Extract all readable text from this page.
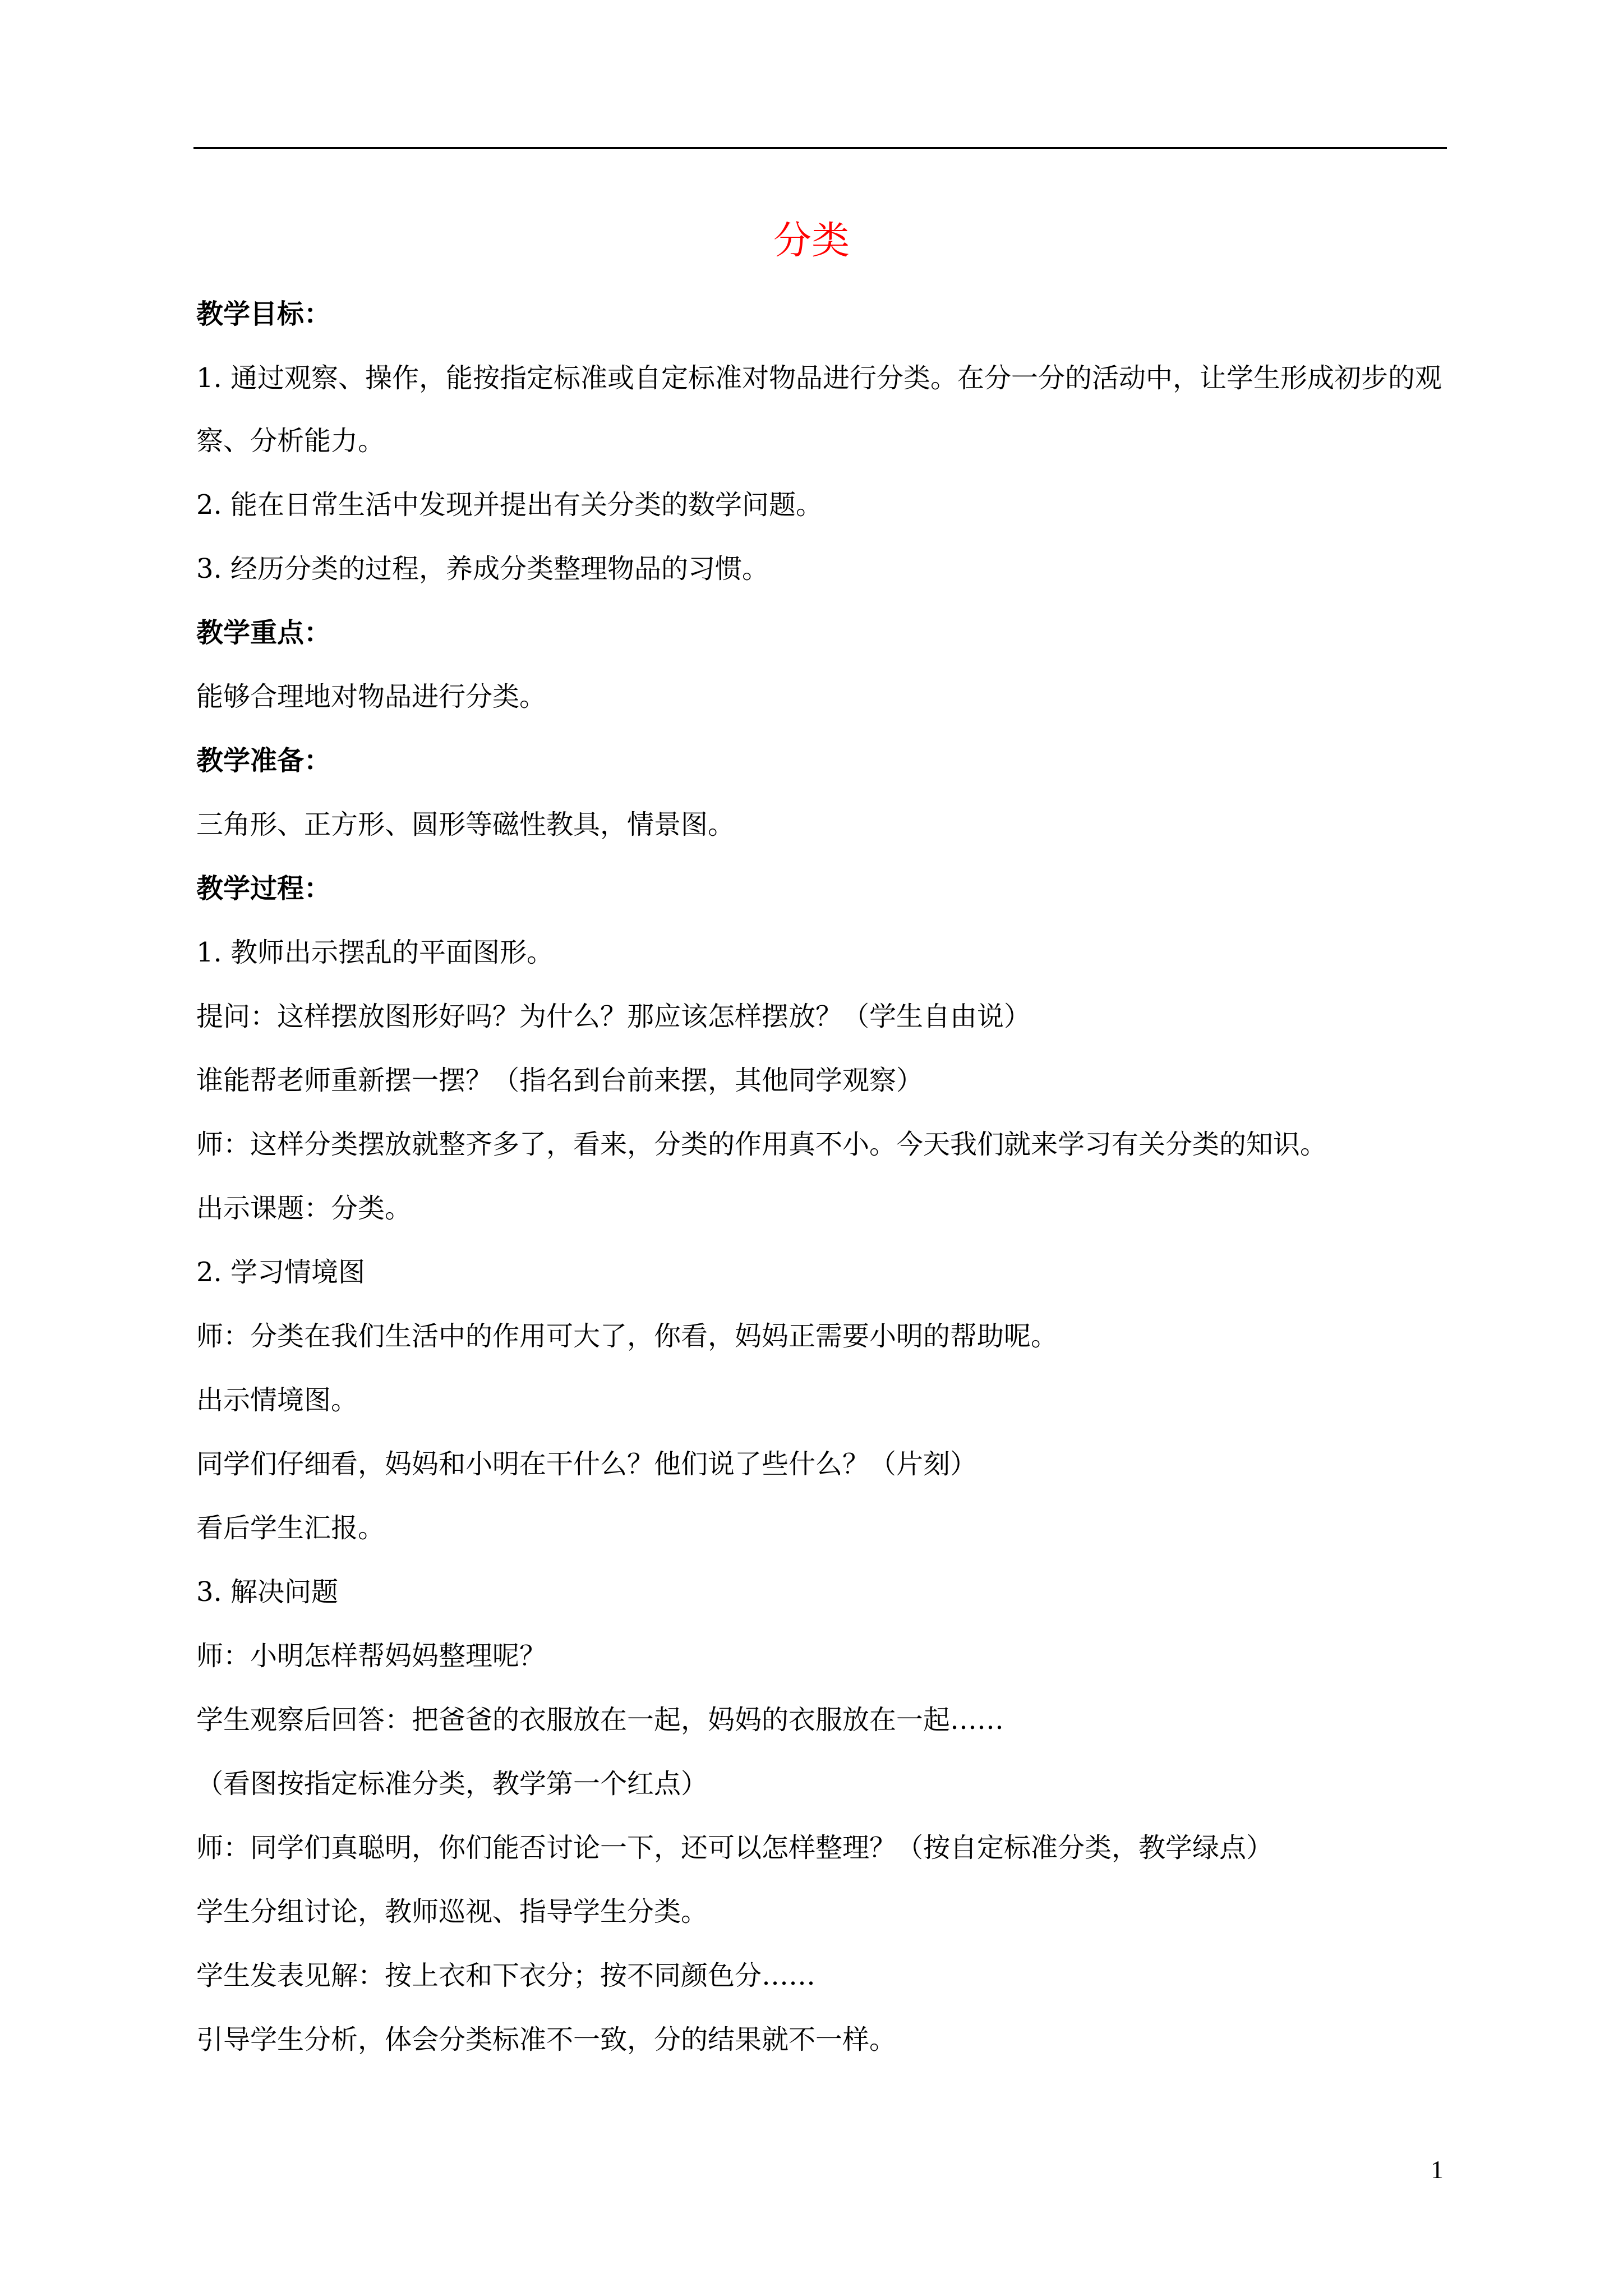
分类
教学目标：
1. 通过观察、操作，能按指定标准或自定标准对物品进行分类。在分一分的活动中，让学生形成初步的观察、分析能力。
2. 能在日常生活中发现并提出有关分类的数学问题。
3. 经历分类的过程，养成分类整理物品的习惯。
教学重点：
能够合理地对物品进行分类。
教学准备：
三角形、正方形、圆形等磁性教具，情景图。
教学过程：
1. 教师出示摆乱的平面图形。
提问：这样摆放图形好吗？为什么？那应该怎样摆放？（学生自由说）
谁能帮老师重新摆一摆？（指名到台前来摆，其他同学观察）
师：这样分类摆放就整齐多了，看来，分类的作用真不小。今天我们就来学习有关分类的知识。
出示课题：分类。
2. 学习情境图
师：分类在我们生活中的作用可大了，你看，妈妈正需要小明的帮助呢。
出示情境图。
同学们仔细看，妈妈和小明在干什么？他们说了些什么？（片刻）
看后学生汇报。
3. 解决问题
师：小明怎样帮妈妈整理呢？
学生观察后回答：把爸爸的衣服放在一起，妈妈的衣服放在一起……
（看图按指定标准分类，教学第一个红点）
师：同学们真聪明，你们能否讨论一下，还可以怎样整理？（按自定标准分类，教学绿点）
学生分组讨论，教师巡视、指导学生分类。
学生发表见解：按上衣和下衣分；按不同颜色分……
引导学生分析，体会分类标准不一致，分的结果就不一样。
1
